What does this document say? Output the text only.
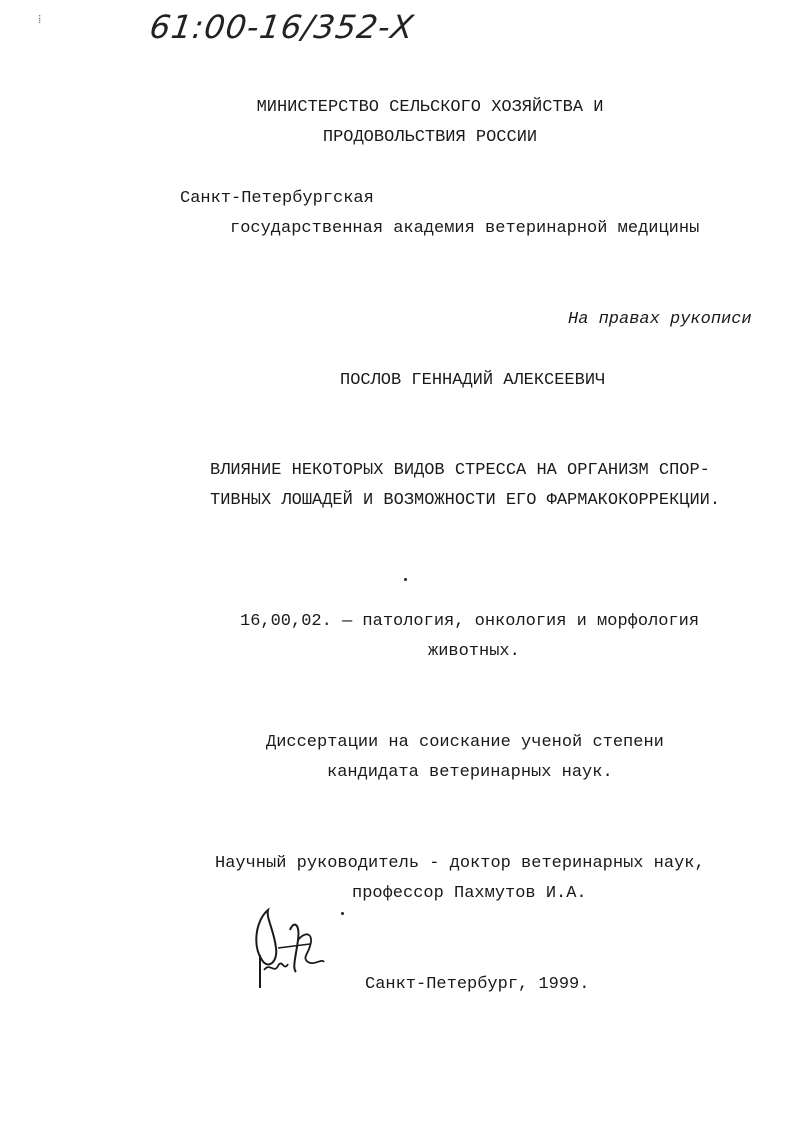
⁞	61:00-16/352-Х
МИНИСТЕРСТВО СЕЛЬСКОГО ХОЗЯЙСТВА И
ПРОДОВОЛЬСТВИЯ РОССИИ
Санкт-Петербургская
государственная академия ветеринарной медицины
На правах рукописи
ПОСЛОВ ГЕННАДИЙ АЛЕКСЕЕВИЧ
ВЛИЯНИЕ НЕКОТОРЫХ ВИДОВ СТРЕССА НА ОРГАНИЗМ СПОР-
ТИВНЫХ ЛОШАДЕЙ И ВОЗМОЖНОСТИ ЕГО ФАРМАКОКОРРЕКЦИИ.
16,00,02. — патология, онкология и морфология
животных.
Диссертации на соискание ученой степени
кандидата ветеринарных наук.
Научный руководитель - доктор ветеринарных наук,
профессор Пахмутов И.А.
Санкт-Петербург, 1999.
